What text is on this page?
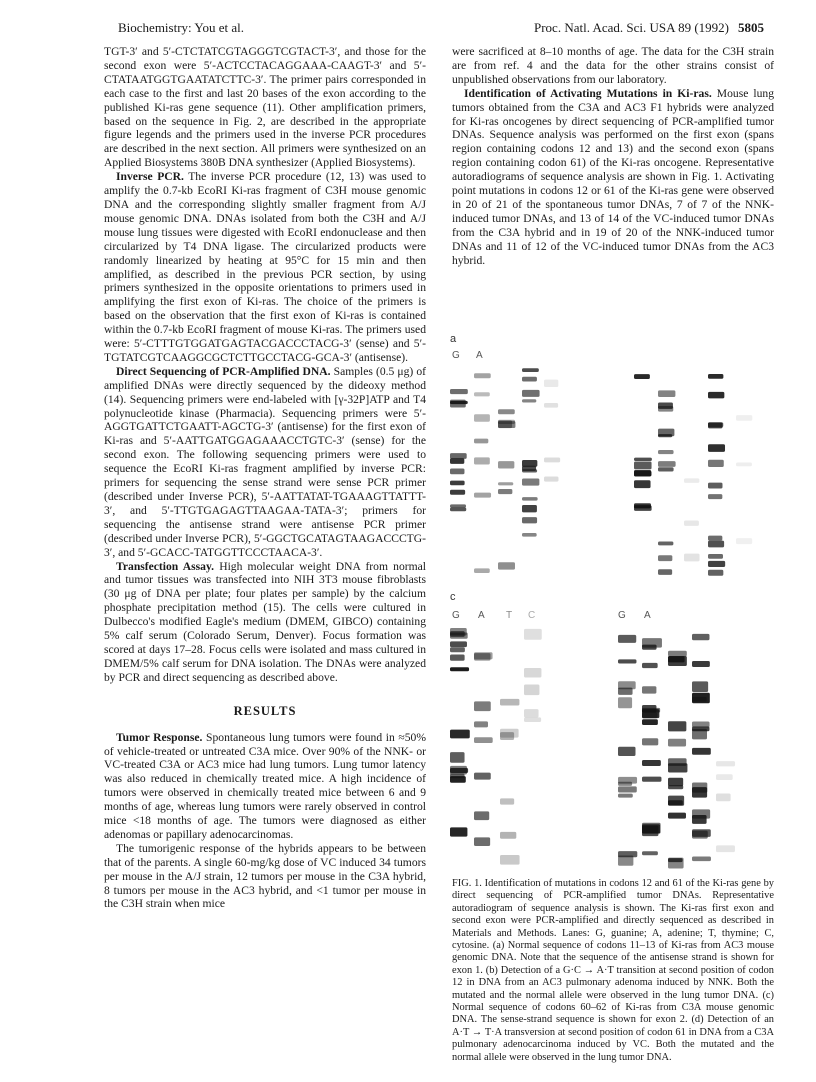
Biochemistry: You et al.	Proc. Natl. Acad. Sci. USA 89 (1992) 5805

TGT-3′ and 5′-CTCTATCGTAGGGTCGTACT-3′, and those for the second exon were 5′-ACTCCTACAGGAAA-CAAGT-3′ and 5′-CTATAATGGTGAATATCTTC-3′. The primer pairs corresponded in each case to the first and last 20 bases of the exon according to the published Ki-ras gene sequence (11). Other amplification primers, based on the sequence in Fig. 2, are described in the appropriate figure legends and the primers used in the inverse PCR procedures are described in the next section. All primers were synthesized on an Applied Biosystems 380B DNA synthesizer (Applied Biosystems).

Inverse PCR. The inverse PCR procedure (12, 13) was used to amplify the 0.7-kb EcoRI Ki-ras fragment of C3H mouse genomic DNA and the corresponding slightly smaller fragment from A/J mouse genomic DNA. DNAs isolated from both the C3H and A/J mouse lung tissues were digested with EcoRI endonuclease and then circularized by T4 DNA ligase. The circularized products were randomly linearized by heating at 95°C for 15 min and then amplified, as described in the previous PCR section, by using primers synthesized in the opposite orientations to primers used in amplifying the first exon of Ki-ras. The choice of the primers is based on the observation that the first exon of Ki-ras is contained within the 0.7-kb EcoRI fragment of mouse Ki-ras. The primers used were: 5′-CTTTGTGGATGAGTACGACCCTACG-3′ (sense) and 5′-TGTATCGTCAAGGCGCTCTTGCCTACG-GCA-3′ (antisense).

Direct Sequencing of PCR-Amplified DNA. Samples (0.5 μg) of amplified DNAs were directly sequenced by the dideoxy method (14). Sequencing primers were end-labeled with [γ-32P]ATP and T4 polynucleotide kinase (Pharmacia). Sequencing primers were 5′-AGGTGATTCTGAATT-AGCTG-3′ (antisense) for the first exon of Ki-ras and 5′-AATTGATGGAGAAACCTGTC-3′ (sense) for the second exon. The following sequencing primers were used to sequence the EcoRI Ki-ras fragment amplified by inverse PCR: primers for sequencing the sense strand were sense PCR primer (described under Inverse PCR), 5′-AATTATAT-TGAAAGTTATTT-3′, and 5′-TTGTGAGAGTTAAGAA-TATA-3′; primers for sequencing the antisense strand were antisense PCR primer (described under Inverse PCR), 5′-GGCTGCATAGTAAGACCCTG-3′, and 5′-GCACC-TATGGTTCCCTAACA-3′.

Transfection Assay. High molecular weight DNA from normal and tumor tissues was transfected into NIH 3T3 mouse fibroblasts (30 μg of DNA per plate; four plates per sample) by the calcium phosphate precipitation method (15). The cells were cultured in Dulbecco's modified Eagle's medium (DMEM, GIBCO) containing 5% calf serum (Colorado Serum, Denver). Focus formation was scored at days 17–28. Focus cells were isolated and mass cultured in DMEM/5% calf serum for DNA isolation. The DNAs were analyzed by PCR and direct sequencing as described above.

RESULTS

Tumor Response. Spontaneous lung tumors were found in ≈50% of vehicle-treated or untreated C3A mice. Over 90% of the NNK- or VC-treated C3A or AC3 mice had lung tumors. Lung tumor latency was also reduced in chemically treated mice. A high incidence of tumors were observed in chemically treated mice between 6 and 9 months of age, whereas lung tumors were rarely observed in control mice <18 months of age. The tumors were diagnosed as either adenomas or papillary adenocarcinomas.

The tumorigenic response of the hybrids appears to be between that of the parents. A single 60-mg/kg dose of VC induced 34 tumors per mouse in the A/J strain, 12 tumors per mouse in the C3A hybrid, 8 tumors per mouse in the AC3 hybrid, and <1 tumor per mouse in the C3H strain when mice

were sacrificed at 8–10 months of age. The data for the C3H strain are from ref. 4 and the data for the other strains consist of unpublished observations from our laboratory.

Identification of Activating Mutations in Ki-ras. Mouse lung tumors obtained from the C3A and AC3 F1 hybrids were analyzed for Ki-ras oncogenes by direct sequencing of PCR-amplified tumor DNAs. Sequence analysis was performed on the first exon (spans region containing codons 12 and 13) and the second exon (spans region containing codon 61) of the Ki-ras oncogene. Representative autoradiograms of sequence analysis are shown in Fig. 1. Activating point mutations in codons 12 or 61 of the Ki-ras gene were observed in 20 of 21 of the spontaneous tumor DNAs, 7 of 7 of the NNK-induced tumor DNAs, and 13 of 14 of the VC-induced tumor DNAs from the C3A hybrid and in 19 of 20 of the NNK-induced tumor DNAs and 11 of 12 of the VC-induced tumor DNAs from the AC3 hybrid.

a
G A
c
G A T C	G A

FIG. 1. Identification of mutations in codons 12 and 61 of the Ki-ras gene by direct sequencing of PCR-amplified tumor DNAs. Representative autoradiogram of sequence analysis is shown. The Ki-ras first exon and second exon were PCR-amplified and directly sequenced as described in Materials and Methods. Lanes: G, guanine; A, adenine; T, thymine; C, cytosine. (a) Normal sequence of codons 11–13 of Ki-ras from AC3 mouse genomic DNA. Note that the sequence of the antisense strand is shown for exon 1. (b) Detection of a G·C → A·T transition at second position of codon 12 in DNA from an AC3 pulmonary adenoma induced by NNK. Both the mutated and the normal allele were observed in the lung tumor DNA. (c) Normal sequence of codons 60–62 of Ki-ras from C3A mouse genomic DNA. The sense-strand sequence is shown for exon 2. (d) Detection of an A·T → T·A transversion at second position of codon 61 in DNA from a C3A pulmonary adenocarcinoma induced by VC. Both the mutated and the normal allele were observed in the lung tumor DNA.
